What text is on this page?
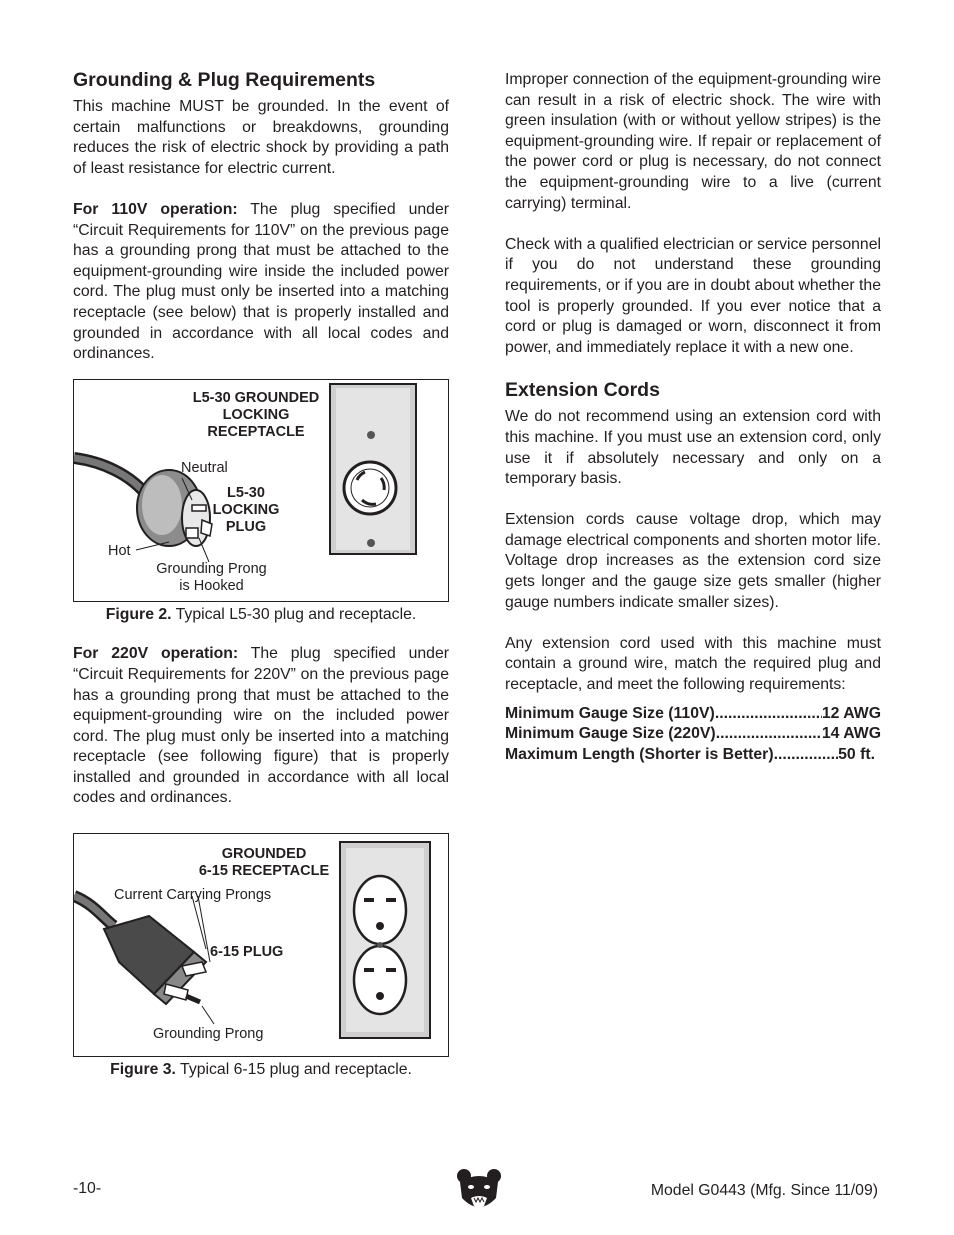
Grounding & Plug Requirements

This machine MUST be grounded. In the event of certain malfunctions or breakdowns, grounding reduces the risk of electric shock by providing a path of least resistance for electric current.

For 110V operation: The plug specified under “Circuit Requirements for 110V” on the previous page has a grounding prong that must be attached to the equipment-grounding wire inside the included power cord. The plug must only be inserted into a matching receptacle (see below) that is properly installed and grounded in accordance with all local codes and ordinances.

L5-30 GROUNDED
LOCKING
RECEPTACLE
Neutral
L5-30
LOCKING
PLUG
Hot
Grounding Prong
is Hooked
Figure 2. Typical L5-30 plug and receptacle.

For 220V operation: The plug specified under “Circuit Requirements for 220V” on the previous page has a grounding prong that must be attached to the equipment-grounding wire on the included power cord. The plug must only be inserted into a matching receptacle (see following figure) that is properly installed and grounded in accordance with all local codes and ordinances.

GROUNDED
6-15 RECEPTACLE
Current Carrying Prongs
6-15 PLUG
Grounding Prong
Figure 3. Typical 6-15 plug and receptacle.

Improper connection of the equipment-grounding wire can result in a risk of electric shock. The wire with green insulation (with or without yellow stripes) is the equipment-grounding wire. If repair or replacement of the power cord or plug is necessary, do not connect the equipment-grounding wire to a live (current carrying) terminal.

Check with a qualified electrician or service personnel if you do not understand these grounding requirements, or if you are in doubt about whether the tool is properly grounded. If you ever notice that a cord or plug is damaged or worn, disconnect it from power, and immediately replace it with a new one.

Extension Cords

We do not recommend using an extension cord with this machine. If you must use an extension cord, only use it if absolutely necessary and only on a temporary basis.

Extension cords cause voltage drop, which may damage electrical components and shorten motor life. Voltage drop increases as the extension cord size gets longer and the gauge size gets smaller (higher gauge numbers indicate smaller sizes).

Any extension cord used with this machine must contain a ground wire, match the required plug and receptacle, and meet the following requirements:

Minimum Gauge Size (110V) .....	12 AWG
Minimum Gauge Size (220V) .....	14 AWG
Maximum Length (Shorter is Better) .....	50 ft.
-10-	Model G0443 (Mfg. Since 11/09)
